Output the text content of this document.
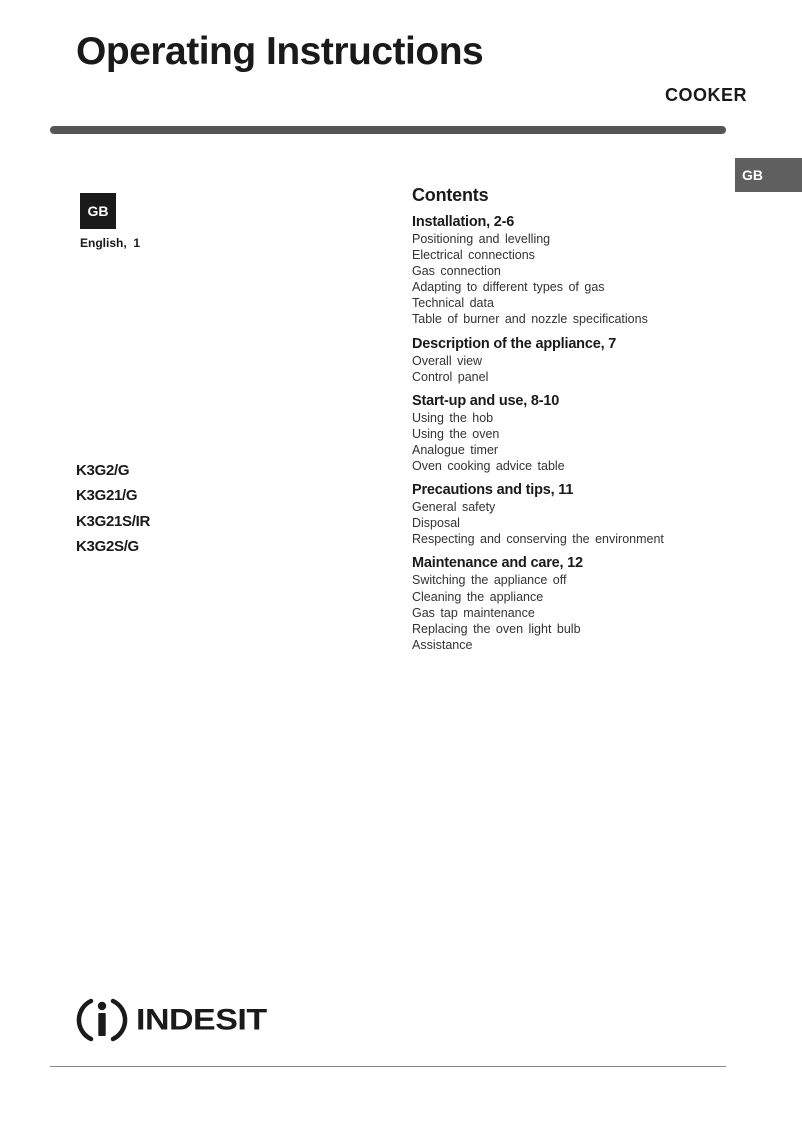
Operating Instructions
COOKER
GB
GB
English,  1
K3G2/G
K3G21/G
K3G21S/IR
K3G2S/G
Contents
Installation, 2-6
Positioning and levelling
Electrical connections
Gas connection
Adapting to different types of gas
Technical data
Table of burner and nozzle specifications
Description of the appliance, 7
Overall view
Control panel
Start-up and use, 8-10
Using the hob
Using the oven
Analogue timer
Oven cooking advice table
Precautions and tips, 11
General safety
Disposal
Respecting and conserving the environment
Maintenance and care, 12
Switching the appliance off
Cleaning the appliance
Gas tap maintenance
Replacing the oven light bulb
Assistance
INDESIT
